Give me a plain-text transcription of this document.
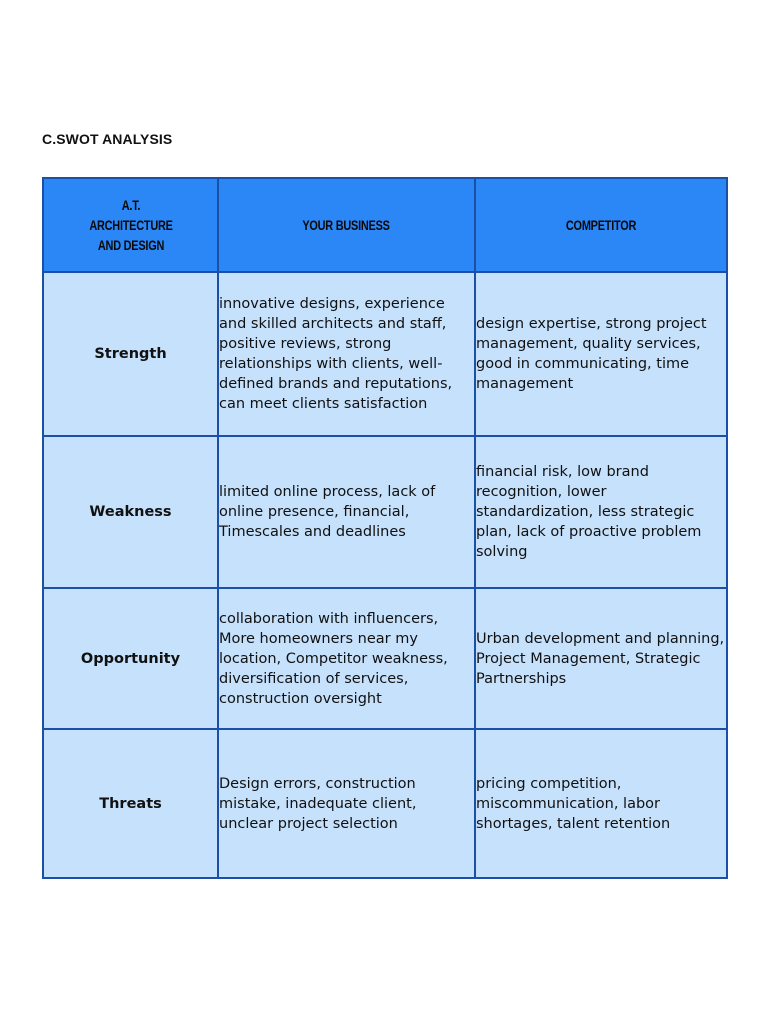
C.SWOT ANALYSIS
A.T. ARCHITECTURE AND DESIGN	YOUR BUSINESS	COMPETITOR
Strength	innovative designs, experience and skilled architects and staff, positive reviews, strong relationships with clients, well-defined brands and reputations, can meet clients satisfaction	design expertise, strong project management, quality services, good in communicating, time management

Weakness	limited online process, lack of online presence, financial, Timescales and deadlines	financial risk, low brand recognition, lower standardization, less strategic plan, lack of proactive problem solving

Opportunity	collaboration with influencers, More homeowners near my location, Competitor weakness, diversification of services, construction oversight	Urban development and planning, Project Management, Strategic Partnerships

Threats	Design errors, construction mistake, inadequate client, unclear project selection	pricing competition, miscommunication, labor shortages, talent retention
